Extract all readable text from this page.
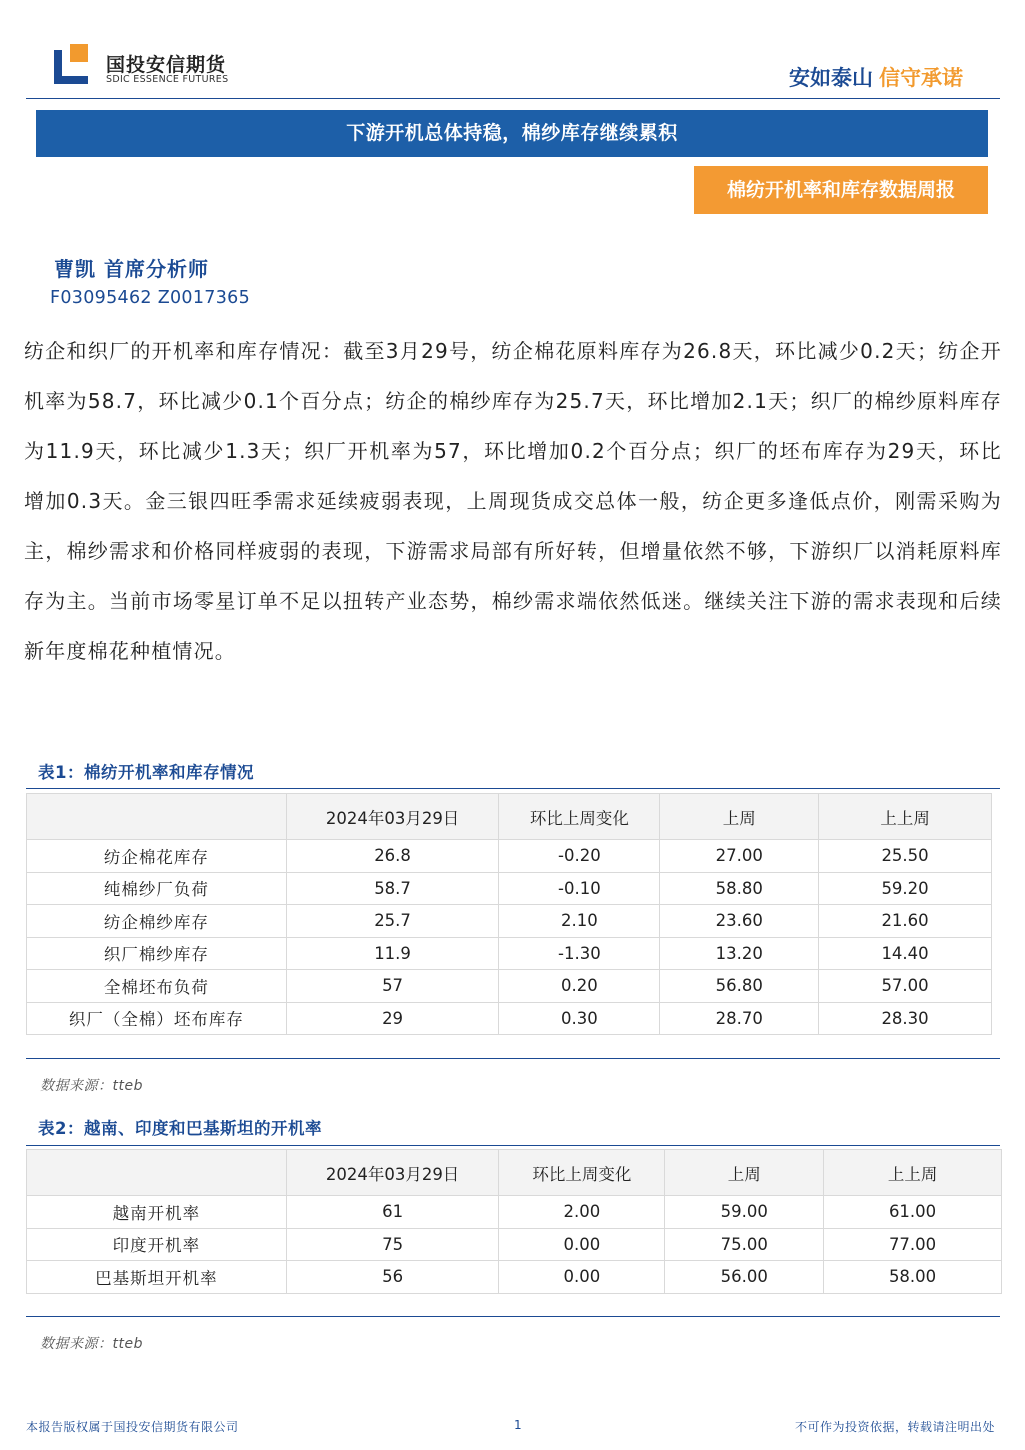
国投安信期货
SDIC ESSENCE FUTURES	安如泰山 信守承诺
下游开机总体持稳，棉纱库存继续累积
棉纺开机率和库存数据周报
曹凯 首席分析师
F03095462 Z0017365
纺企和织厂的开机率和库存情况：截至3月29号，纺企棉花原料库存为26.8天，环比减少0.2天；纺企开机率为58.7，环比减少0.1个百分点；纺企的棉纱库存为25.7天，环比增加2.1天；织厂的棉纱原料库存为11.9天，环比减少1.3天；织厂开机率为57，环比增加0.2个百分点；织厂的坯布库存为29天，环比增加0.3天。金三银四旺季需求延续疲弱表现，上周现货成交总体一般，纺企更多逢低点价，刚需采购为主，棉纱需求和价格同样疲弱的表现，下游需求局部有所好转，但增量依然不够，下游织厂以消耗原料库存为主。当前市场零星订单不足以扭转产业态势，棉纱需求端依然低迷。继续关注下游的需求表现和后续新年度棉花种植情况。
表1：棉纺开机率和库存情况
	2024年03月29日	环比上周变化	上周	上上周
纺企棉花库存	26.8	-0.20	27.00	25.50
纯棉纱厂负荷	58.7	-0.10	58.80	59.20
纺企棉纱库存	25.7	2.10	23.60	21.60
织厂棉纱库存	11.9	-1.30	13.20	14.40
全棉坯布负荷	57	0.20	56.80	57.00
织厂（全棉）坯布库存	29	0.30	28.70	28.30
数据来源：tteb
表2：越南、印度和巴基斯坦的开机率
	2024年03月29日	环比上周变化	上周	上上周
越南开机率	61	2.00	59.00	61.00
印度开机率	75	0.00	75.00	77.00
巴基斯坦开机率	56	0.00	56.00	58.00
数据来源：tteb
本报告版权属于国投安信期货有限公司	1	不可作为投资依据，转载请注明出处
